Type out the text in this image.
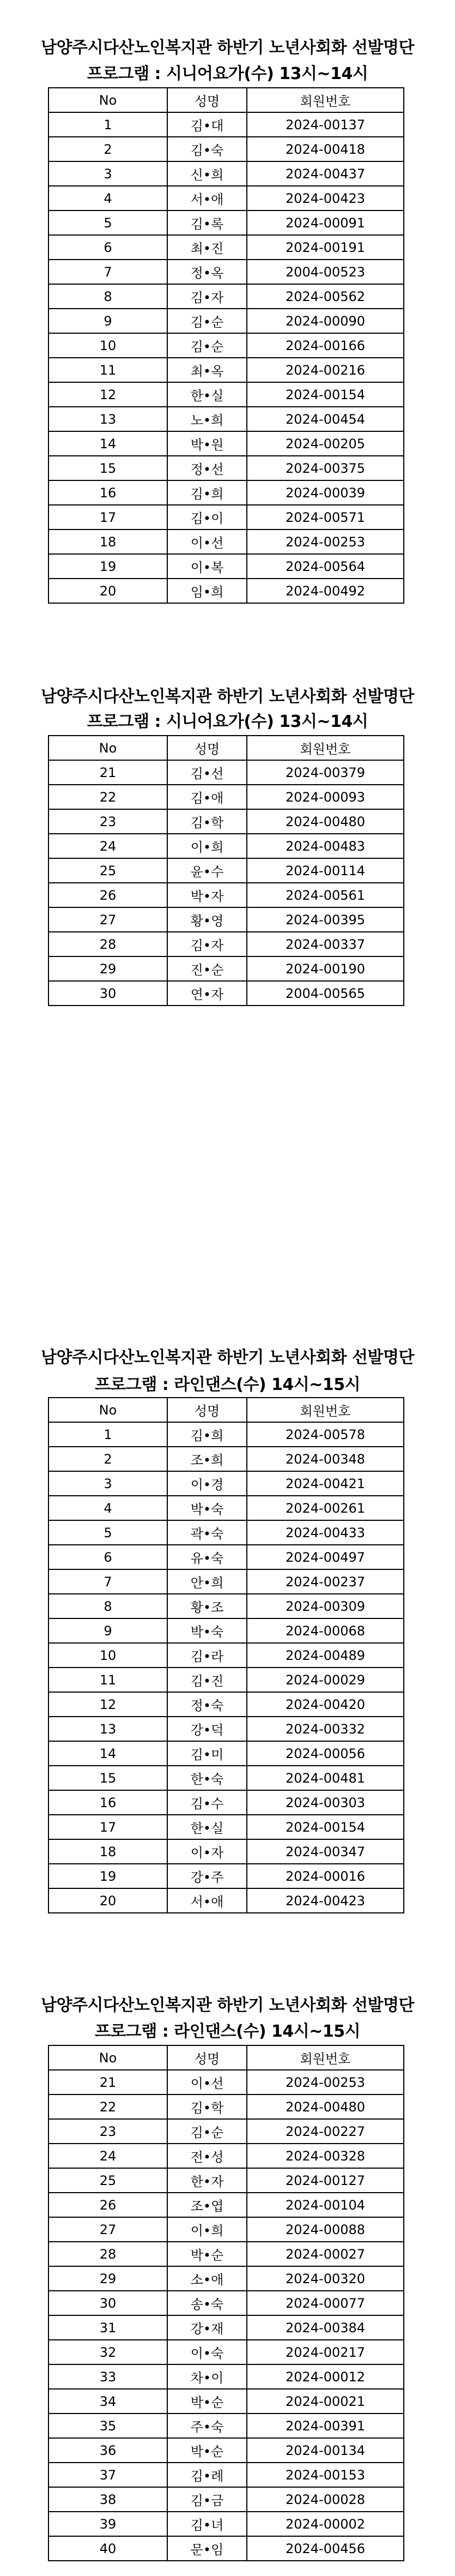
남양주시다산노인복지관 하반기 노년사회화 선발명단
프로그램 : 시니어요가(수) 13시~14시
No	성명	회원번호
1	김•대	2024-00137
2	김•숙	2024-00418
3	신•희	2024-00437
4	서•애	2024-00423
5	김•록	2024-00091
6	최•진	2024-00191
7	정•옥	2004-00523
8	김•자	2024-00562
9	김•순	2024-00090
10	김•순	2024-00166
11	최•옥	2024-00216
12	한•실	2024-00154
13	노•희	2024-00454
14	박•원	2024-00205
15	정•선	2024-00375
16	김•희	2024-00039
17	김•이	2024-00571
18	이•선	2024-00253
19	이•복	2024-00564
20	임•희	2024-00492
남양주시다산노인복지관 하반기 노년사회화 선발명단
프로그램 : 시니어요가(수) 13시~14시
No	성명	회원번호
21	김•선	2024-00379
22	김•애	2024-00093
23	김•학	2024-00480
24	이•희	2024-00483
25	윤•수	2024-00114
26	박•자	2024-00561
27	황•영	2024-00395
28	김•자	2024-00337
29	진•순	2024-00190
30	연•자	2004-00565
남양주시다산노인복지관 하반기 노년사회화 선발명단
프로그램 : 라인댄스(수) 14시~15시
No	성명	회원번호
1	김•희	2024-00578
2	조•희	2024-00348
3	이•경	2024-00421
4	박•숙	2024-00261
5	곽•숙	2024-00433
6	유•숙	2024-00497
7	안•희	2024-00237
8	황•조	2024-00309
9	박•숙	2024-00068
10	김•라	2024-00489
11	김•진	2024-00029
12	정•숙	2024-00420
13	강•덕	2024-00332
14	김•미	2024-00056
15	한•숙	2024-00481
16	김•수	2024-00303
17	한•실	2024-00154
18	이•자	2024-00347
19	강•주	2024-00016
20	서•애	2024-00423
남양주시다산노인복지관 하반기 노년사회화 선발명단
프로그램 : 라인댄스(수) 14시~15시
No	성명	회원번호
21	이•선	2024-00253
22	김•학	2024-00480
23	김•순	2024-00227
24	전•성	2024-00328
25	한•자	2024-00127
26	조•엽	2024-00104
27	이•희	2024-00088
28	박•순	2024-00027
29	소•애	2024-00320
30	송•숙	2024-00077
31	강•재	2024-00384
32	이•숙	2024-00217
33	차•이	2024-00012
34	박•순	2024-00021
35	주•숙	2024-00391
36	박•순	2024-00134
37	김•례	2024-00153
38	김•금	2024-00028
39	김•녀	2024-00002
40	문•임	2024-00456
